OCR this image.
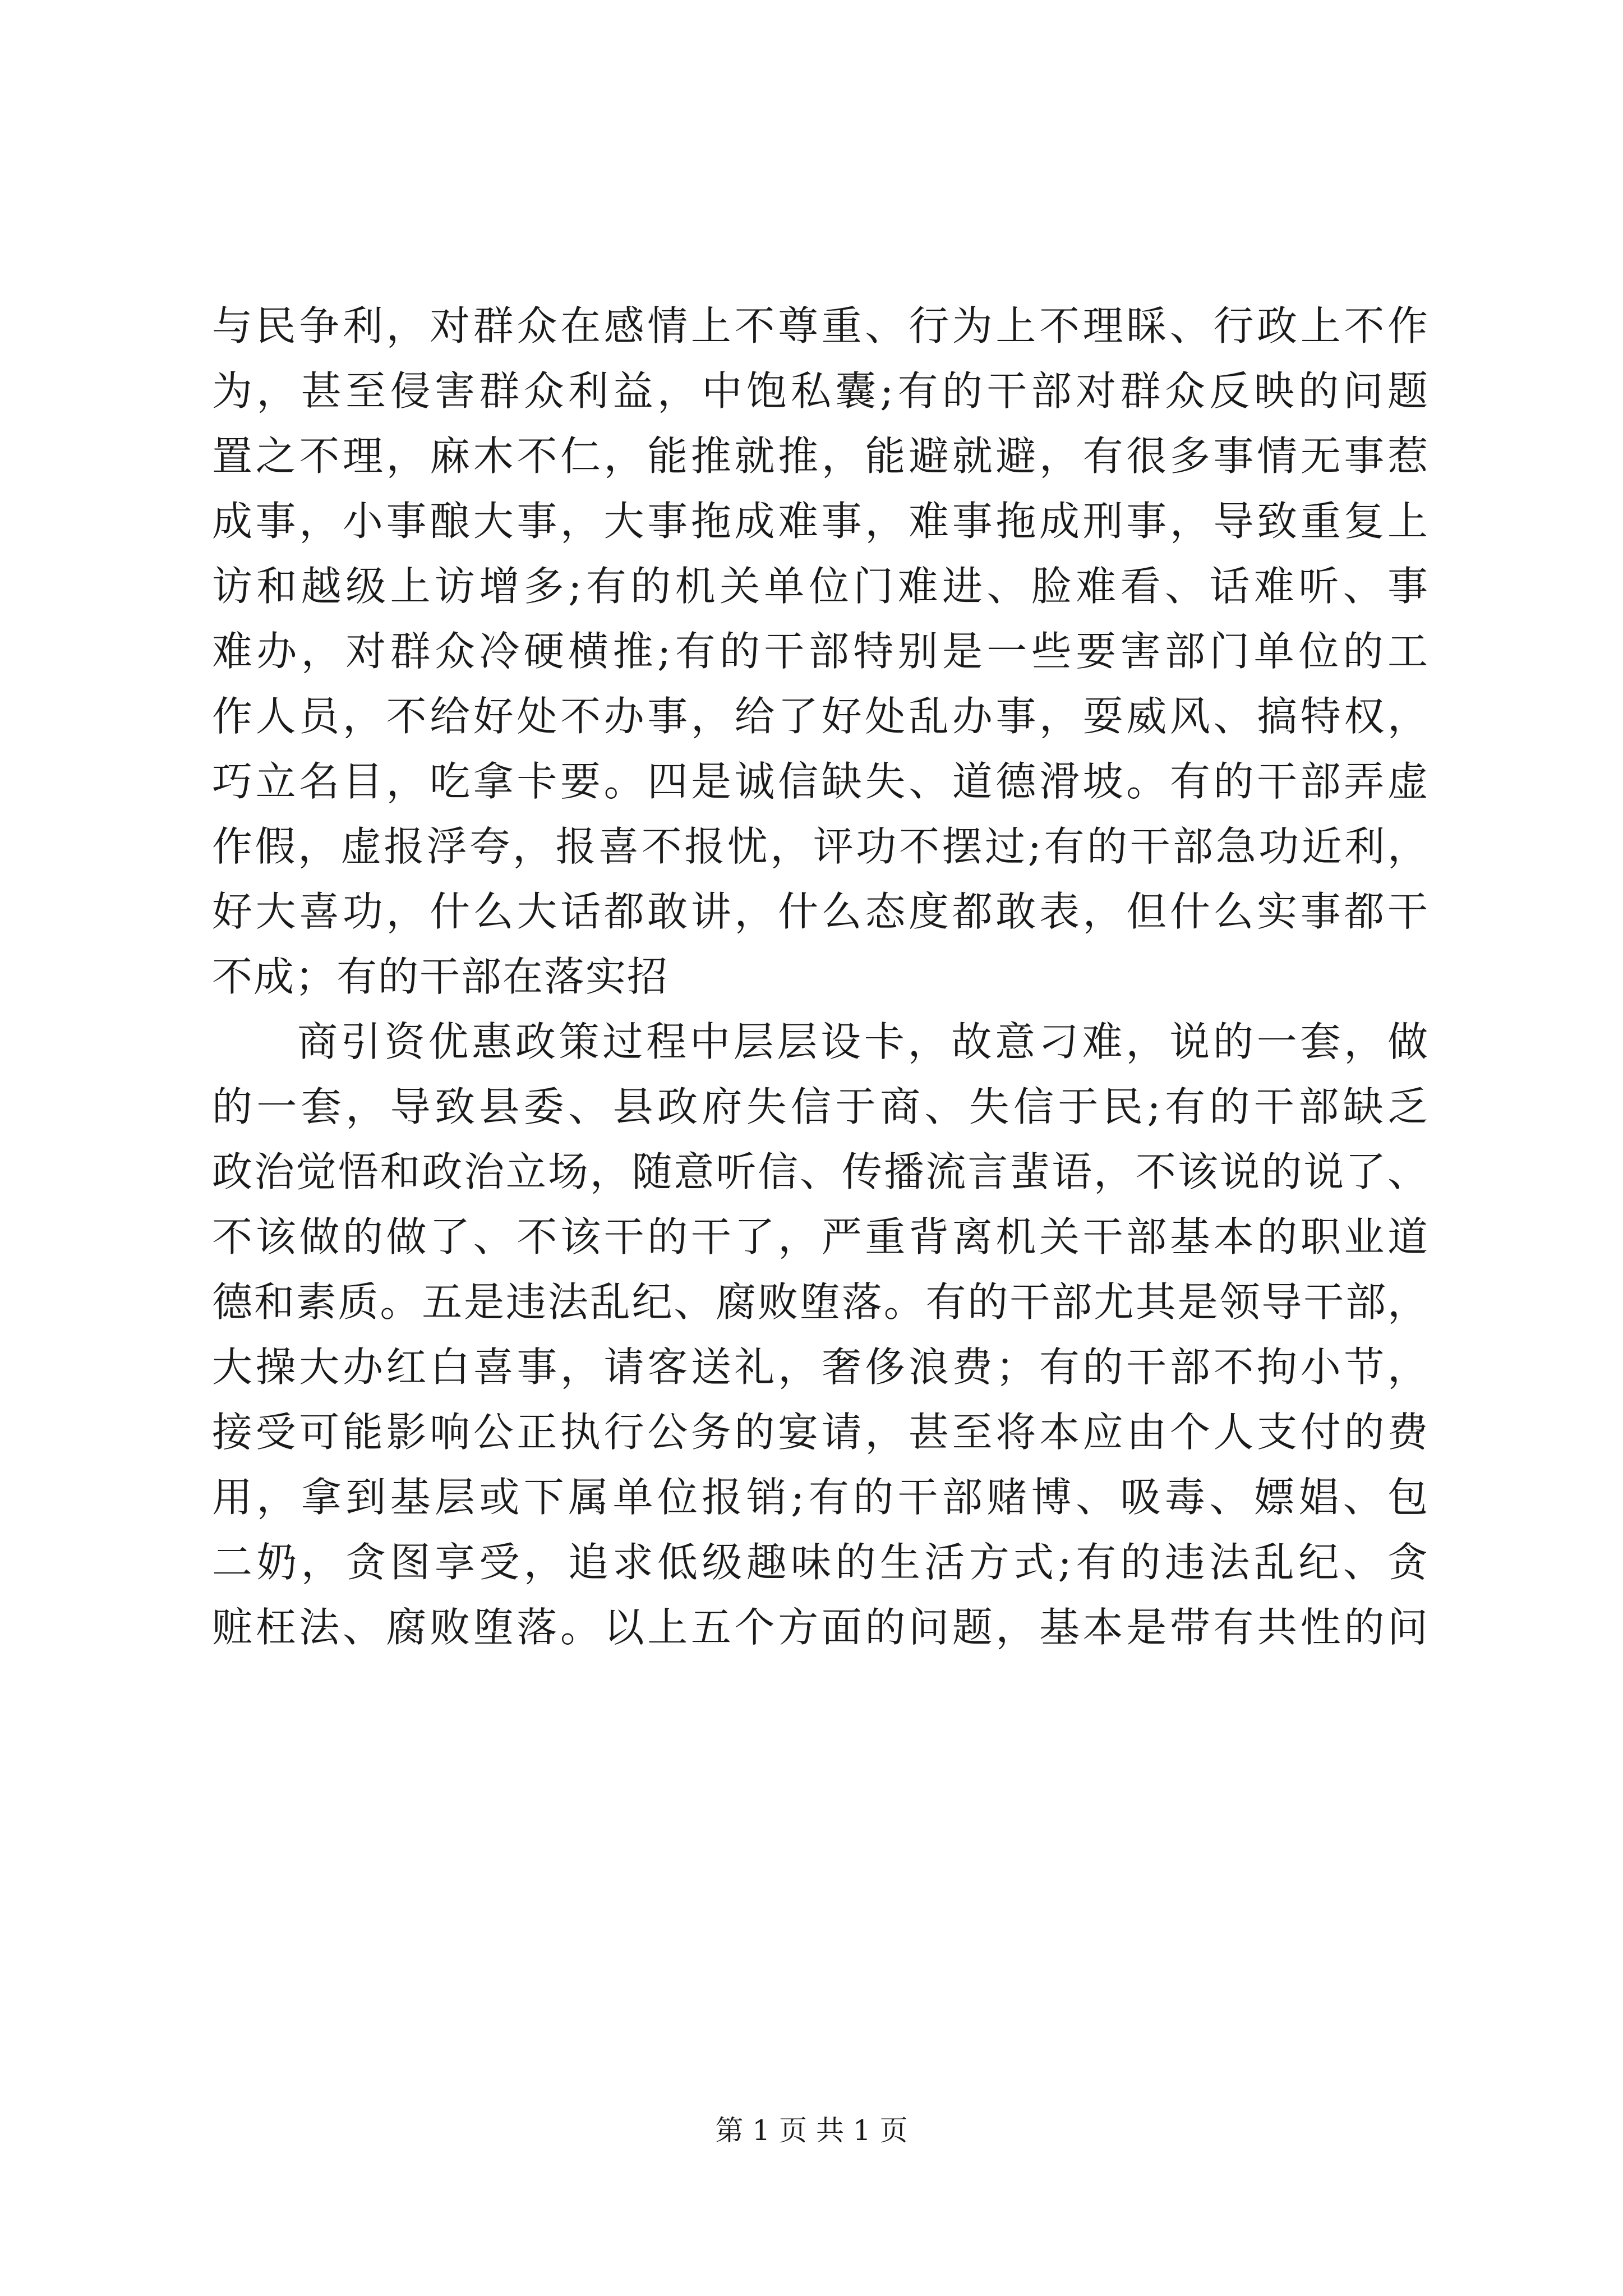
与民争利，对群众在感情上不尊重、行为上不理睬、行政上不作
为，甚至侵害群众利益，中饱私囊;有的干部对群众反映的问题
置之不理，麻木不仁，能推就推，能避就避，有很多事情无事惹
成事，小事酿大事，大事拖成难事，难事拖成刑事，导致重复上
访和越级上访增多;有的机关单位门难进、脸难看、话难听、事
难办，对群众冷硬横推;有的干部特别是一些要害部门单位的工
作人员，不给好处不办事，给了好处乱办事，耍威风、搞特权，
巧立名目，吃拿卡要。四是诚信缺失、道德滑坡。有的干部弄虚
作假，虚报浮夸，报喜不报忧，评功不摆过;有的干部急功近利，
好大喜功，什么大话都敢讲，什么态度都敢表，但什么实事都干
不成；有的干部在落实招
商引资优惠政策过程中层层设卡，故意刁难，说的一套，做
的一套，导致县委、县政府失信于商、失信于民;有的干部缺乏
政治觉悟和政治立场，随意听信、传播流言蜚语，不该说的说了、
不该做的做了、不该干的干了，严重背离机关干部基本的职业道
德和素质。五是违法乱纪、腐败堕落。有的干部尤其是领导干部，
大操大办红白喜事，请客送礼，奢侈浪费；有的干部不拘小节，
接受可能影响公正执行公务的宴请，甚至将本应由个人支付的费
用，拿到基层或下属单位报销;有的干部赌博、吸毒、嫖娼、包
二奶，贪图享受，追求低级趣味的生活方式;有的违法乱纪、贪
赃枉法、腐败堕落。以上五个方面的问题，基本是带有共性的问
第 1 页 共 1 页
